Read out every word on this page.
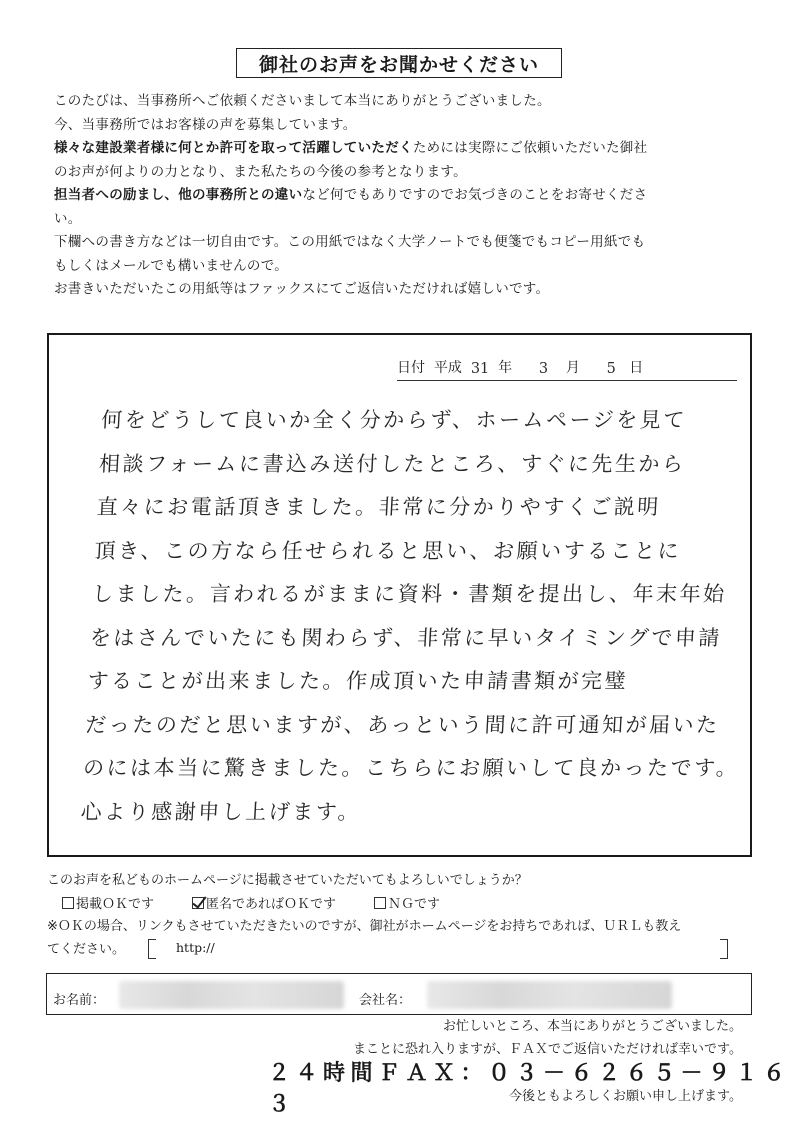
御社のお声をお聞かせください

このたびは、当事務所へご依頼くださいまして本当にありがとうございました。

今、当事務所ではお客様の声を募集しています。

様々な建設業者様に何とか許可を取って活躍していただくためには実際にご依頼いただいた御社

のお声が何よりの力となり、また私たちの今後の参考となります。

担当者への励まし、他の事務所との違いなど何でもありですのでお気づきのことをお寄せくださ

い。

下欄への書き方などは一切自由です。この用紙ではなく大学ノートでも便箋でもコピー用紙でも

もしくはメールでも構いませんので。

お書きいただいたこの用紙等はファックスにてご返信いただければ嬉しいです。

日付
平成
31
年
3
月
5
日
何をどうして良いか全く分からず、ホームページを見て
相談フォームに書込み送付したところ、すぐに先生から
直々にお電話頂きました。非常に分かりやすくご説明
頂き、この方なら任せられると思い、お願いすることに
しました。言われるがままに資料・書類を提出し、年末年始
をはさんでいたにも関わらず、非常に早いタイミングで申請
することが出来ました。作成頂いた申請書類が完璧
だったのだと思いますが、あっという間に許可通知が届いた
のには本当に驚きました。こちらにお願いして良かったです。
心より感謝申し上げます。
このお声を私どものホームページに掲載させていただいてもよろしいでしょうか？
掲載ＯＫです	匿名であればＯＫです	ＮＧです

※ＯＫの場合、リンクもさせていただきたいのですが、御社がホームページをお持ちであれば、ＵＲＬも教え

てください。	http://
お名前：	会社名：
お忙しいところ、本当にありがとうございました。
まことに恐れ入りますが、ＦＡＸでご返信いただければ幸いです。
２４時間ＦＡＸ：０３－６２６５－９１６３	今後ともよろしくお願い申し上げます。
